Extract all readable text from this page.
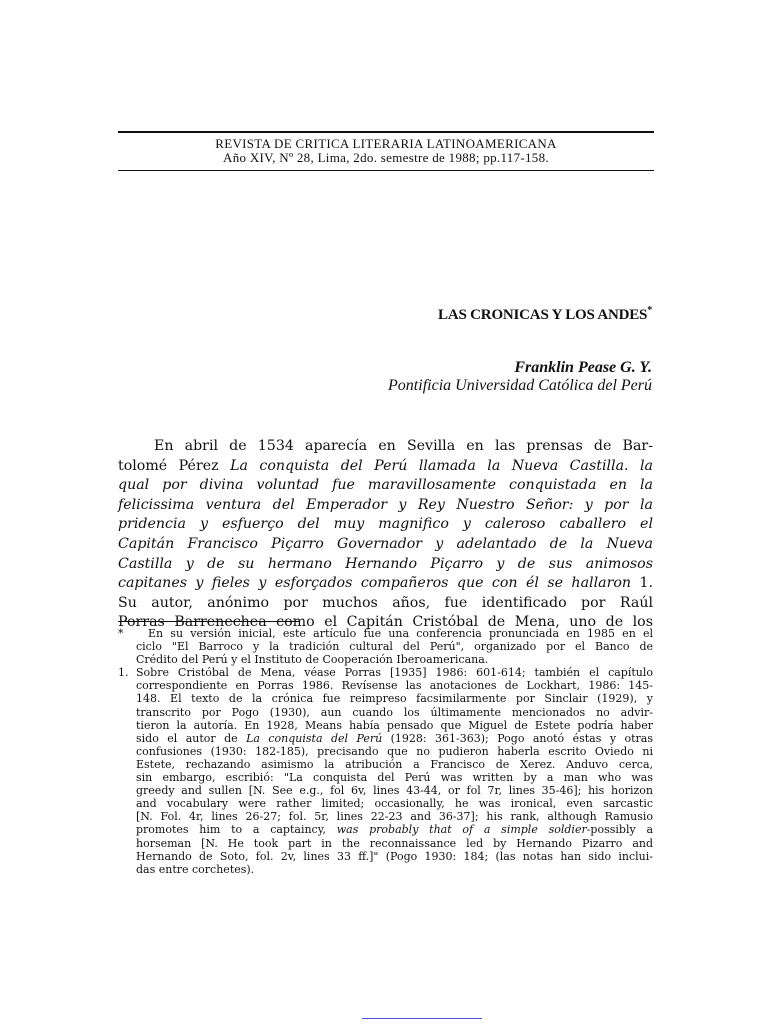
REVISTA DE CRITICA LITERARIA LATINOAMERICANA
Año XIV, Nº 28, Lima, 2do. semestre de 1988; pp.117-158.
LAS CRONICAS Y LOS ANDES*
Franklin Pease G. Y.
Pontificia Universidad Católica del Perú
En abril de 1534 aparecía en Sevilla en las prensas de Bar-
tolomé Pérez La conquista del Perú llamada la Nueva Castilla. la
qual por divina voluntad fue maravillosamente conquistada en la
felicissima ventura del Emperador y Rey Nuestro Señor: y por la
pridencia y esfuerço del muy magnifico y caleroso caballero el
Capitán Francisco Piçarro Governador y adelantado de la Nueva
Castilla y de su hermano Hernando Piçarro y de sus animosos
capitanes y fieles y esforçados compañeros que con él se hallaron 1.
Su autor, anónimo por muchos años, fue identificado por Raúl
Porras Barrenechea como el Capitán Cristóbal de Mena, uno de los
*	En su versión inicial, este artículo fue una conferencia pronunciada en 1985 en el
ciclo "El Barroco y la tradición cultural del Perú", organizado por el Banco de
Crédito del Perú y el Instituto de Cooperación Iberoamericana.
1. Sobre Cristóbal de Mena, véase Porras [1935] 1986: 601-614; también el capítulo
correspondiente en Porras 1986. Revísense las anotaciones de Lockhart, 1986: 145-
148. El texto de la crónica fue reimpreso facsimilarmente por Sinclair (1929), y
transcrito por Pogo (1930), aun cuando los últimamente mencionados no advir-
tieron la autoría. En 1928, Means había pensado que Miguel de Estete podría haber
sido el autor de La conquista del Perú (1928: 361-363); Pogo anotó éstas y otras
confusiones (1930: 182-185), precisando que no pudieron haberla escrito Oviedo ni
Estete, rechazando asimismo la atribución a Francisco de Xerez. Anduvo cerca,
sin embargo, escribió: "La conquista del Perú was written by a man who was
greedy and sullen [N. See e.g., fol 6v, lines 43-44, or fol 7r, lines 35-46]; his horizon
and vocabulary were rather limited; occasionally, he was ironical, even sarcastic
[N. Fol. 4r, lines 26-27; fol. 5r, lines 22-23 and 36-37]; his rank, although Ramusio
promotes him to a captaincy, was probably that of a simple soldier-possibly a
horseman [N. He took part in the reconnaissance led by Hernando Pizarro and
Hernando de Soto, fol. 2v, lines 33 ff.]" (Pogo 1930: 184; (las notas han sido inclui-
das entre corchetes).
